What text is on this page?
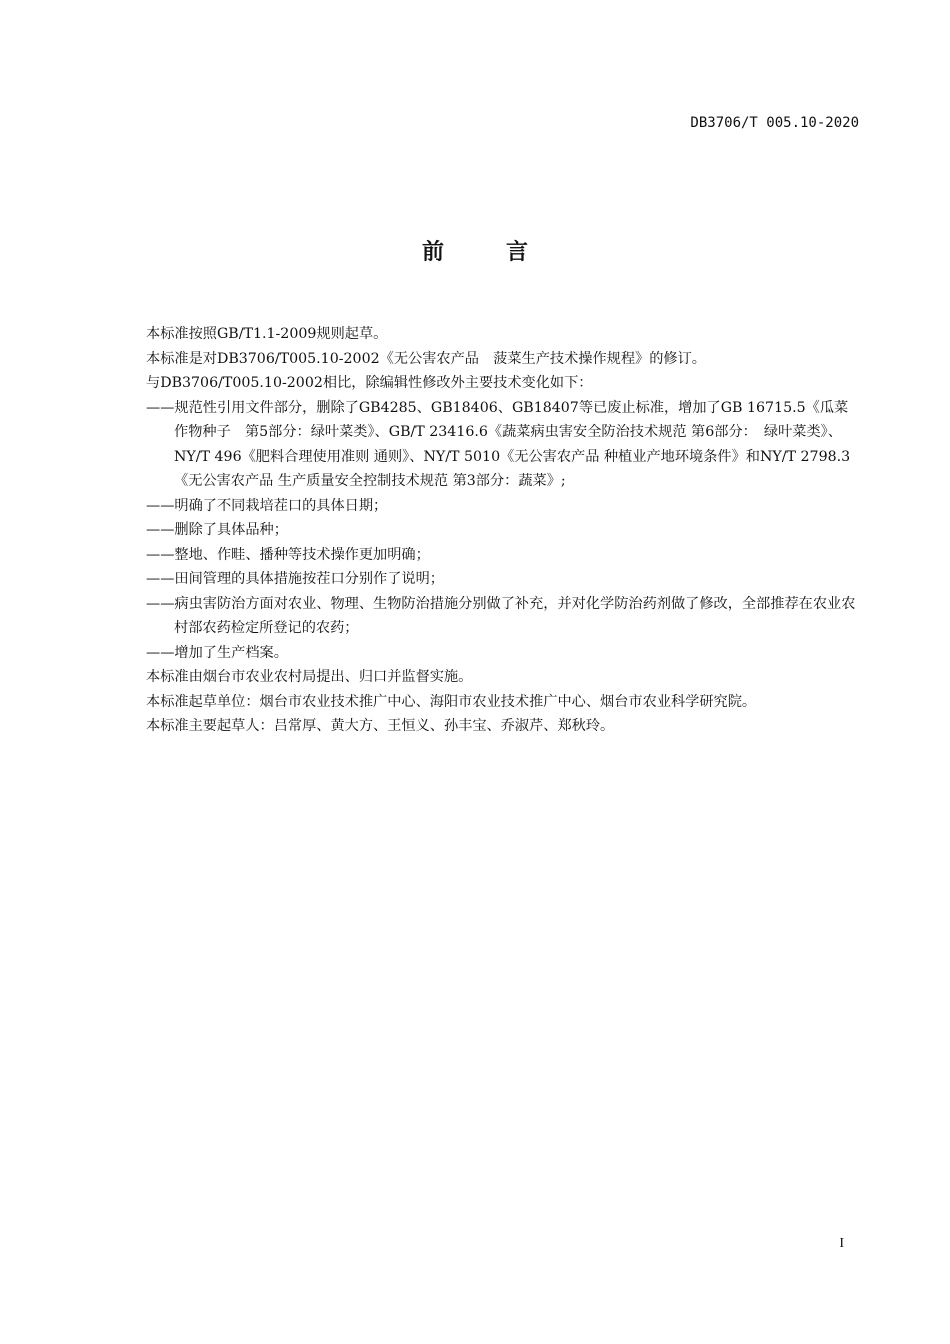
DB3706/T 005.10-2020
前言

本标准按照GB/T1.1-2009规则起草。

本标准是对DB3706/T005.10-2002《无公害农产品　菠菜生产技术操作规程》的修订。

与DB3706/T005.10-2002相比，除编辑性修改外主要技术变化如下：

——规范性引用文件部分，删除了GB4285、GB18406、GB18407等已废止标准，增加了GB 16715.5《瓜菜作物种子　第5部分：绿叶菜类》、GB/T 23416.6《蔬菜病虫害安全防治技术规范 第6部分：　绿叶菜类》、NY/T 496《肥料合理使用准则 通则》、NY/T 5010《无公害农产品 种植业产地环境条件》和NY/T 2798.3《无公害农产品 生产质量安全控制技术规范 第3部分：蔬菜》;

——明确了不同栽培茬口的具体日期；

——删除了具体品种；

——整地、作畦、播种等技术操作更加明确；

——田间管理的具体措施按茬口分别作了说明；

——病虫害防治方面对农业、物理、生物防治措施分别做了补充，并对化学防治药剂做了修改，全部推荐在农业农村部农药检定所登记的农药；

——增加了生产档案。

本标准由烟台市农业农村局提出、归口并监督实施。

本标准起草单位：烟台市农业技术推广中心、海阳市农业技术推广中心、烟台市农业科学研究院。

本标准主要起草人：吕常厚、黄大方、王恒义、孙丰宝、乔淑芹、郑秋玲。

I
